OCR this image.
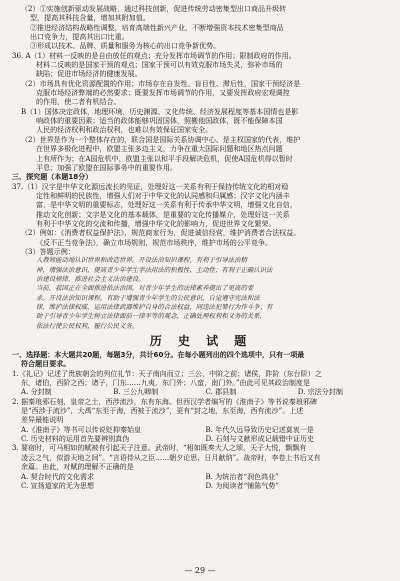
（2）①实施创新驱动发展战略，通过科技创新，促进传统劳动密集型出口商品升级转
型，提高其科技含量，增加其附加值。
②推进经济结构战略性调整，培育高端性新兴产业，不断增强资本技术密集型商品
出口竞争力，提高其出口比重。
③形成以技术、品牌、质量和服务为核心的出口竞争新优势。
36. A（1）材料一反映的是自由放任的观点；充分发挥市场调节的作用；限制政府的作用。
材料二反映的是国家干预的观点；国家干预可以有效克服市场失灵，弥补市场的
缺陷；促进市场经济的健康发展。
（2）市场具有优化资源配置的作用；市场存在自发性、盲目性、滞后性，国家干预经济是
克服市场经济弊端的必然要求；既要发挥市场调节的作用，又要发挥政府宏观调控
的作用，使二者有机结合。
B（1）国体决定政体，地理环境、历史渊源、文化传统、经济发展程度等基本国情也是影
响政体的重要因素；适当的政体能够巩固国体，照搬他国政体，既不能保障本国
人民的经济权利和政治权利，也难以有效保证国家安全。
（2）世界是作为一个整体存在的，联合国是国际关系协调中心、是主权国家的代表，维护
在世界多极化进程中，欧盟主张多边主义，力争在重大国际问题和地区热点问题
上有所作为；在A国危机中，欧盟主张以和平手段解决危机，促使A国危机得以暂时
平息；加强了欧盟在国际事务中的重要作用。
三、探究题（本题18分）
37.（1）汉字是中华文化源远流长的见证，处理好这一关系有利于保持传统文化的相对稳
定性和鲜明的民族性，增强人们对于中华文化的认同感和归属感；汉字文化内涵丰
富，是中华文明的重要标志，处理好这一关系有利于传承中华文明，增强文化自信，
推动文化创新；文字是文化的基本载体，是重要的文化传播媒介，处理好这一关系
有利于中华文化的交流和传播，增强中华文化的影响力，促进世界文化繁荣。
（2）例如：《消费者权益保护法》，规范商家行为，促进诚信经营，维护消费者合法权益。
《反不正当竞争法》，确立市场规则，规范市场秩序，维护市场的公平竞争。
（3）答题示例：
人教师能动地认识世界和改造世界。开设法治知识课程，有利于引导法治精
神，增强法治意识，提高青少年学生学法用法的积极性、主动性；有利于正确认识法
治建设规律，推进社会主义法治建设。
当前，我国正在全面推进依法治国，对青少年学生的法律素养提出了更高的要
求。开设法治知识课程，有助于增强青少年学生的公民意识，自觉遵守宪法和法
律，维护法律权威，运用法律武器维护自身的合法权益，同违法犯罪行为作斗争；有
助于引导青少年学生树立法律面前一律平等的观念，正确处理权利和义务的关系，
依法行使公民权利，履行公民义务。
历 史 试 题
一、选择题：本大题共20题，每题3分，共计60分。在每小题列出的四个选项中，只有一项最
符合题目要求。
1.《礼记》记述了贵族朝会的列位礼节：天子南向而立；三公，中阶之前；诸侯，阼阶（东台阶）之
东，诸伯，西阶之西；诸子，门东……九夷，东门外；八蛮，南门外。”由此可见其政治制度是
A. 分封制	B. 三公九卿制	C. 郡县制	D. 宗法分封制
2. 据秦琅邪石刻，皇帝之土，西涉流沙，东有东海。但西汉学者编写的《淮南子》等书说秦琅邪碑
是“西涉于流沙”，大禹“东至于海，西被于流沙”，更有“封之地，东至海，西有流沙”。上述
差异最能说明
A.《淮南子》等书可以传说贬抑秦始皇	B. 年代久远导致历史记述莫衷一是
C. 历史材料的运用首先要辨别真伪	D. 石刻与文献形成记载错中证历史
3. 要宿时，可马相如的赋被有引起天子注意。武帝时，“相如既奏大人之颂，天子大悦，飘飘有
凌云之气，似游天地之间”。“言语侍从之臣……朝夕论思，日月献纳”。战帝时，李卷上书后又有
余篇。由此，对赋的理解不正确的是
A. 契合时代的文化需求	B. 为统治者“润色鸿业”
C. 宣扬道家的无为思想	D. 为阅读者“铺陈气势”
— 29 —
